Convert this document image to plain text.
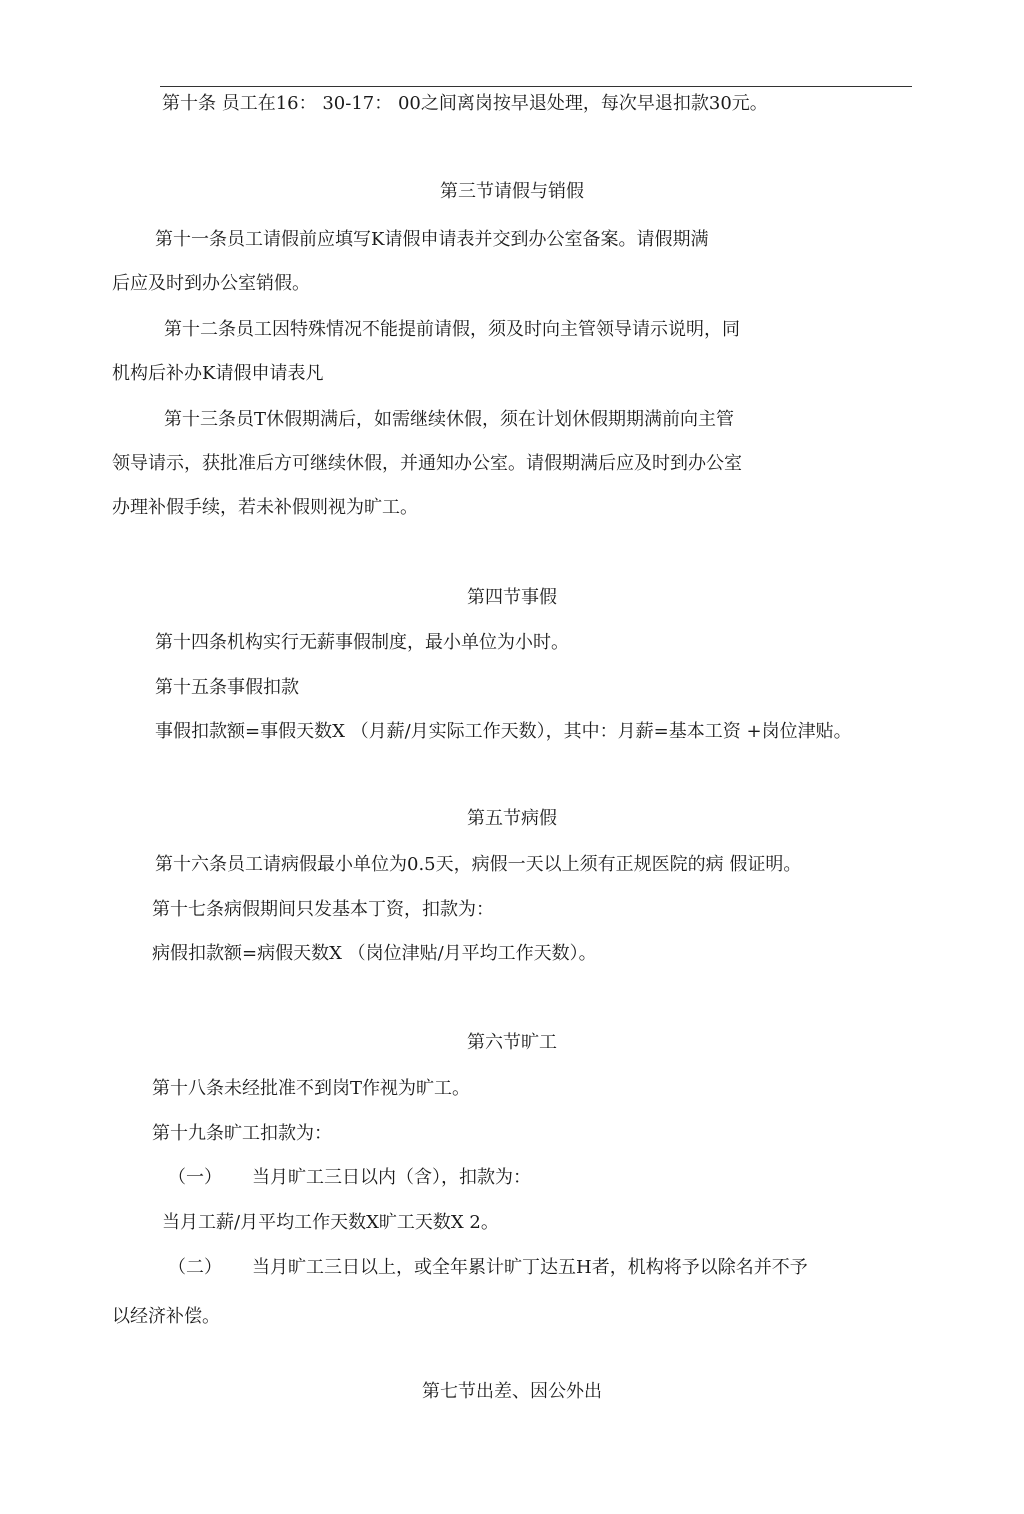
第十条 员工在16： 30-17： 00之间离岗按早退处理，每次早退扣款30元。
第三节请假与销假
第十一条员工请假前应填写K请假申请表并交到办公室备案。请假期满
后应及时到办公室销假。
第十二条员工因特殊情况不能提前请假，须及时向主管领导请示说明，同
机构后补办K请假申请表凡
第十三条员T休假期满后，如需继续休假，须在计划休假期期满前向主管
领导请示，获批准后方可继续休假，并通知办公室。请假期满后应及时到办公室
办理补假手续，若未补假则视为旷工。
第四节事假
第十四条机构实行无薪事假制度，最小单位为小时。
第十五条事假扣款
事假扣款额=事假天数X （月薪/月实际工作天数），其中：月薪=基本工资 +岗位津贴。
第五节病假
第十六条员工请病假最小单位为0.5天，病假一天以上须有正规医院的病 假证明。
第十七条病假期间只发基本丁资，扣款为：
病假扣款额=病假天数X （岗位津贴/月平均工作天数）。
第六节旷工
第十八条未经批准不到岗T作视为旷工。
第十九条旷工扣款为：
（一） 当月旷工三日以内（含），扣款为：
当月工薪/月平均工作天数X旷工天数X 2。
（二） 当月旷工三日以上，或全年累计旷丁达五H者，机构将予以除名并不予
以经济补偿。
第七节出差、因公外出
